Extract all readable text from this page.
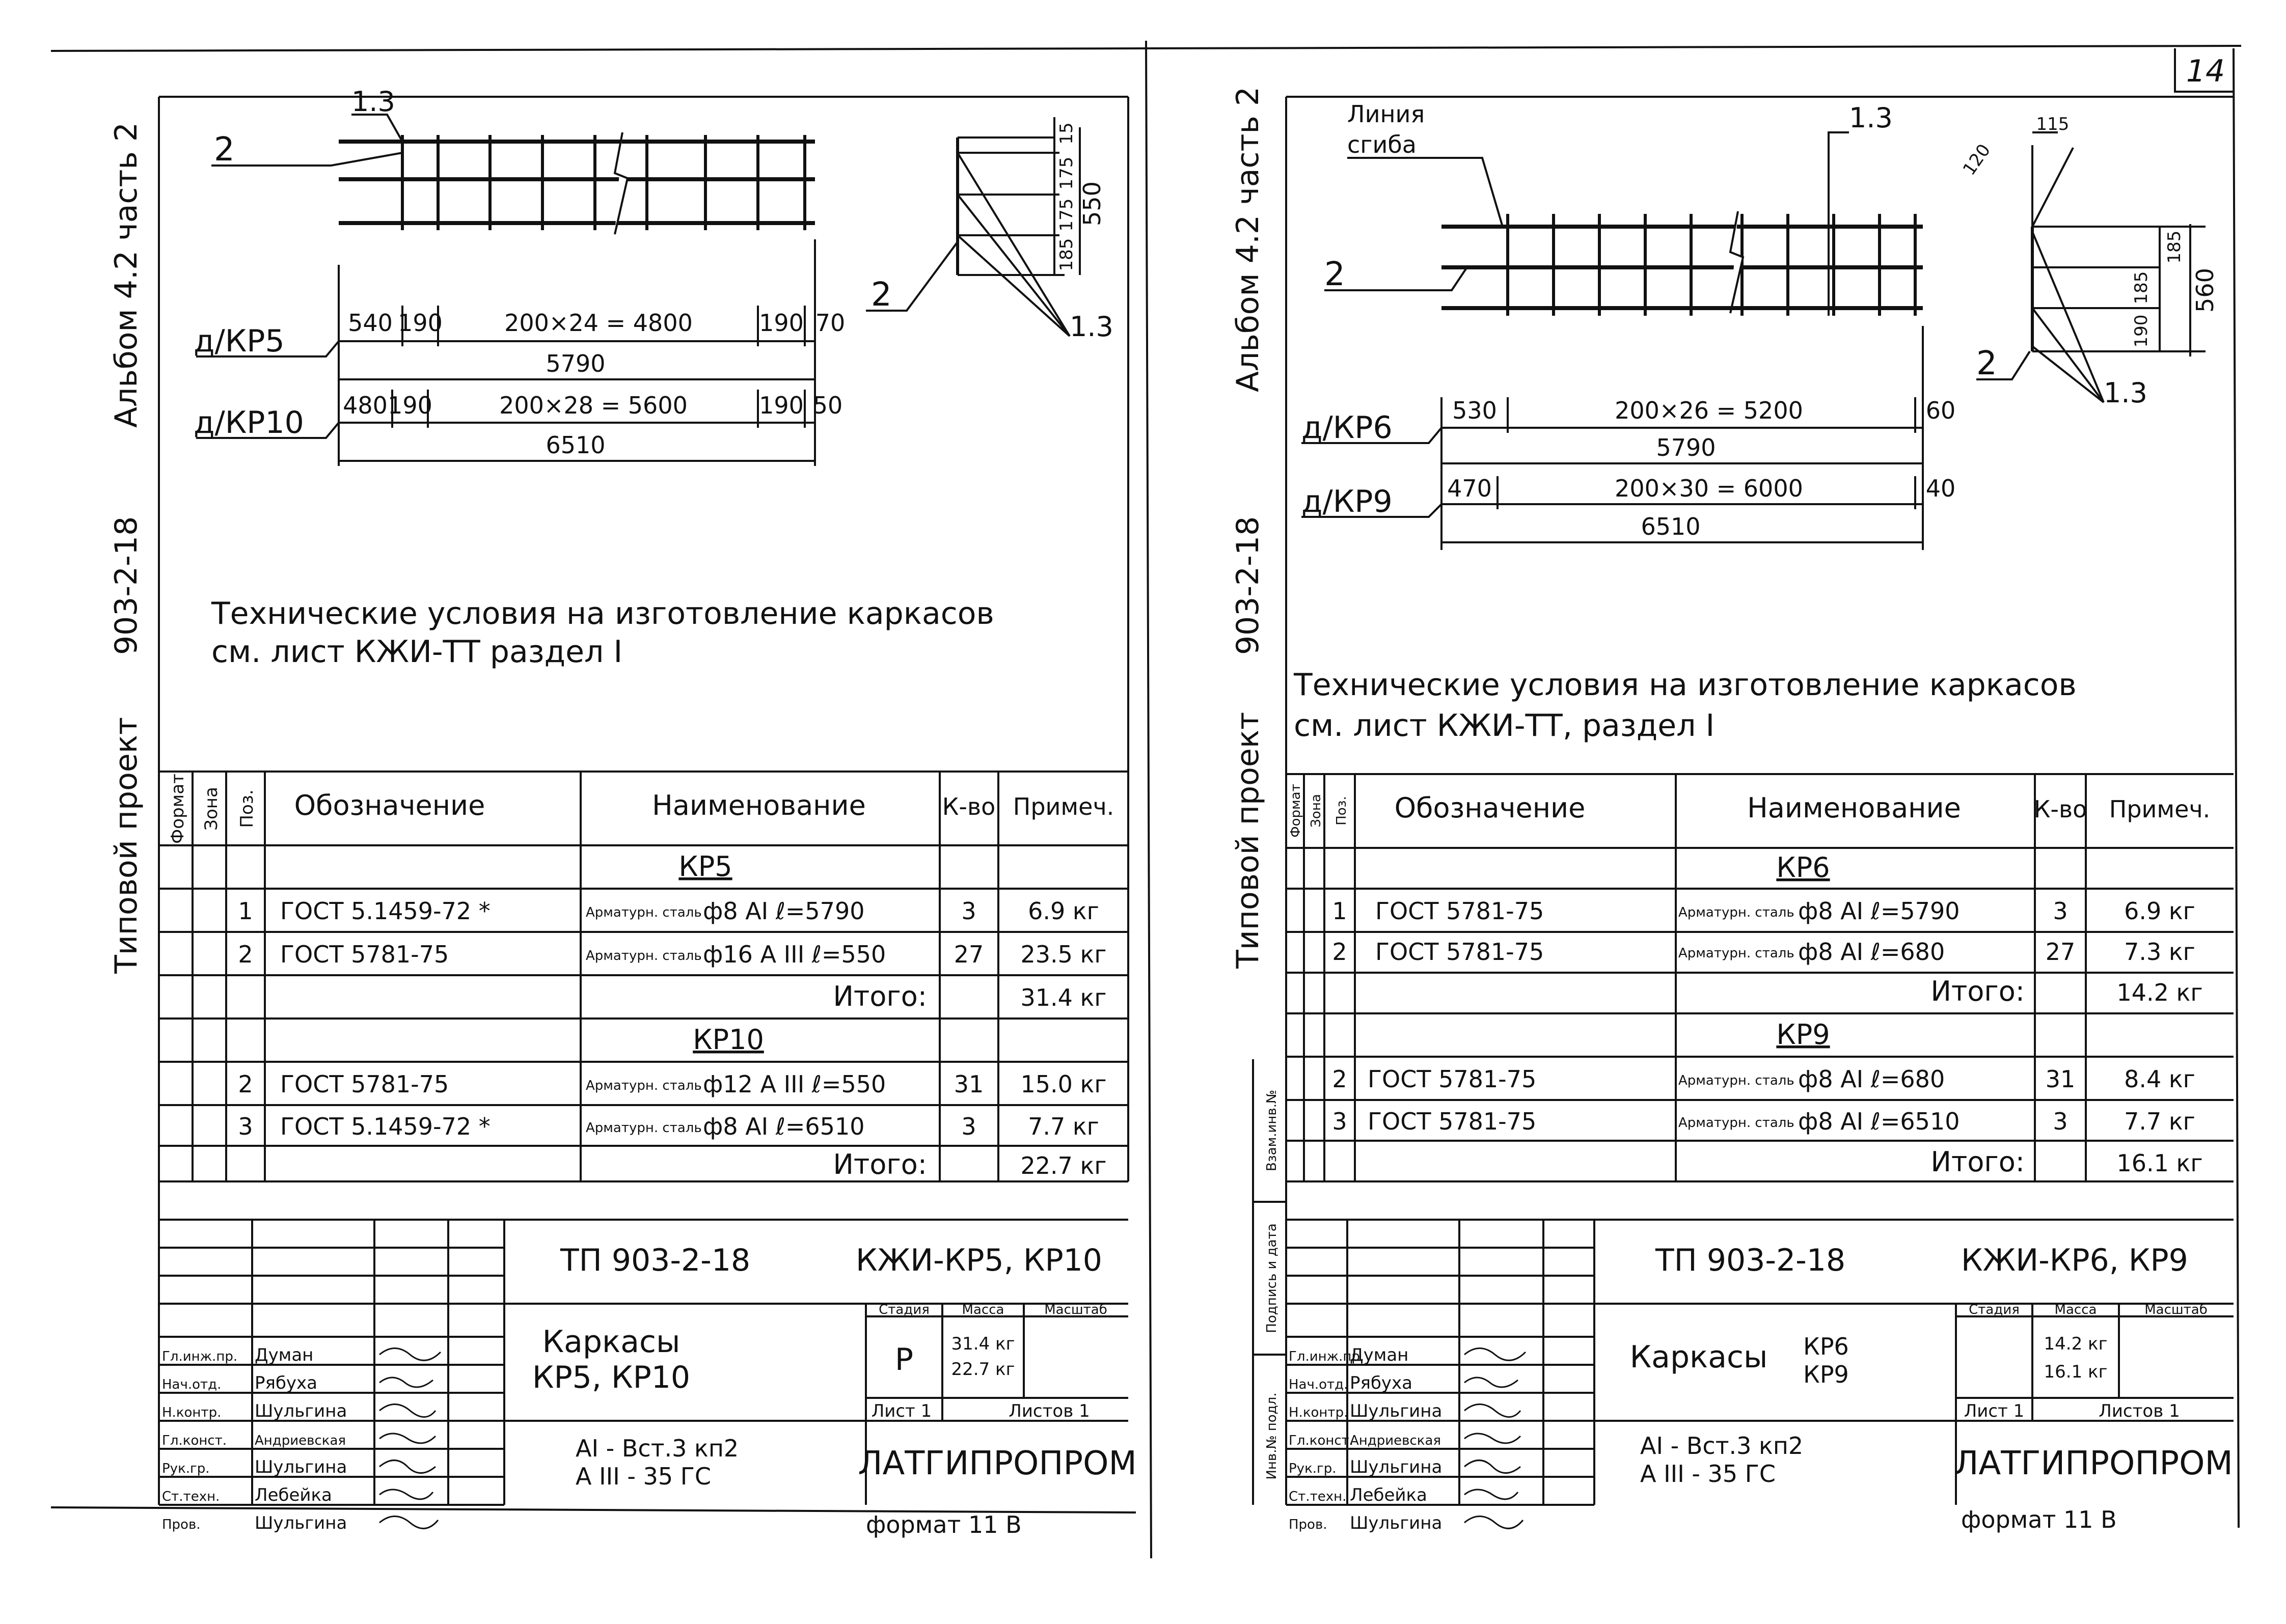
14
Альбом 4.2 часть 2
903-2-18
Типовой проект
2
1.3
15
175
175
185
550
2
1.3
д/КР5
540 190	200×24 = 4800	190 70
5790
д/КР10 480 190	200×28 = 5600	190 50
6510
Технические условия на изготовление каркасов
см. лист КЖИ-ТТ раздел I
Формат Зона Поз. Обозначение	Наименование	К-во Примеч.
КР5
1 ГОСТ 5.1459-72 *	Арматурн. сталь ф8 АI ℓ=5790	3 6.9 кг
2 ГОСТ 5781-75	Арматурн. сталь ф16 А III ℓ=550	27 23.5 кг
Итого:	31.4 кг
КР10
2 ГОСТ 5781-75	Арматурн. сталь ф12 А III ℓ=550	31 15.0 кг
3 ГОСТ 5.1459-72 *	Арматурн. сталь ф8 АI ℓ=6510	3 7.7 кг
Итого:	22.7 кг
ТП 903-2-18	КЖИ-КР5, КР10
Каркасы
КР5, КР10
Стадия Масса	Масштаб
Р 31.4 кг
22.7 кг
Лист 1	Листов 1
АI - Вст.3 кп2
А III - 35 ГС	ЛАТГИПРОПРОМ
формат 11 В
Гл.инж.пр. Думан
Нач.отд. Рябуха
Н.контр. Шульгина
Гл.конст. Андриевская
Рук.гр.	Шульгина
Ст.техн. Лебейка
Пров.	Шульгина
Альбом 4.2 часть 2
903-2-18
Типовой проект
Инв.№ подл.
Подпись и дата
Взам.инв.№
Линия
сгиба
2
1.3	115
120
185
185
190
560
2
1.3
д/КР6	530	200×26 = 5200	60
5790
д/КР9 470	200×30 = 6000	40
6510
Технические условия на изготовление каркасов
см. лист КЖИ-ТТ, раздел I
Формат Зона Поз. Обозначение	Наименование	К-во Примеч.
КР6
1 ГОСТ 5781-75	Арматурн. сталь ф8 АI ℓ=5790	3 6.9 кг
2 ГОСТ 5781-75	Арматурн. сталь ф8 АI ℓ=680	27 7.3 кг
Итого:	14.2 кг
КР9
2 ГОСТ 5781-75	Арматурн. сталь ф8 АI ℓ=680	31 8.4 кг
3 ГОСТ 5781-75	Арматурн. сталь ф8 АI ℓ=6510	3 7.7 кг
Итого:	16.1 кг
ТП 903-2-18	КЖИ-КР6, КР9
Каркасы КР6
КР9
Стадия	Масса	Масштаб
14.2 кг
16.1 кг
Лист 1	Листов 1
АI - Вст.3 кп2
А III - 35 ГС	ЛАТГИПРОПРОМ
формат 11 В
Гл.инж.пр.
Думан
Нач.отд. Рябуха
Н.контр. Шульгина
Гл.конст.
Андриевская
Рук.гр. Шульгина
Ст.техн. Лебейка
Пров. Шульгина
